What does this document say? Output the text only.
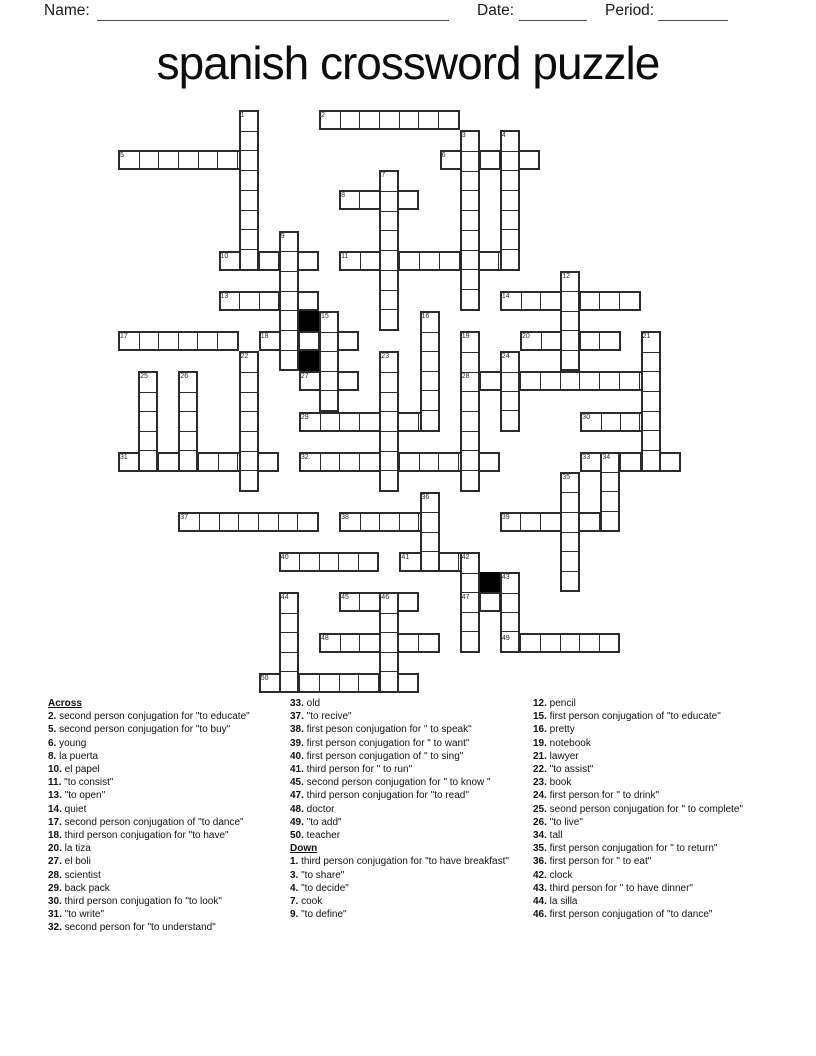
Name:	Date:	Period:
spanish crossword puzzle
2
5	6
8
10	11
13	14
17	18	20
27	28
29	30
31	32	33
37	38	39
40	41
45	47
48	49
50
1
3	4
7
9
12
15	16
19	21
22	23	24
25	26
34
35
36
42
43
44	46
Across
2. second person conjugation for "to educate"
5. second person conjugation for "to buy"
6. young
8. la puerta
10. el papel
11. "to consist"
13. "to open"
14. quiet
17. second person conjugation of "to dance"
18. third person conjugation for "to have"
20. la tiza
27. el boli
28. scientist
29. back pack
30. third person conjugation fo "to look"
31. "to write"
32. second person for "to understand"
33. old
37. "to recive"
38. first peson conjugation for " to speak"
39. first person conjugation for " to want"
40. first person conjugation of " to sing"
41. third person for " to run"
45. second person conjugation for " to know "
47. third person conjugation for "to read"
48. doctor
49. "to add"
50. teacher
Down
1. third person conjugation for "to have breakfast"
3. "to share"
4. "to decide"
7. cook
9. "to define"
12. pencil
15. first person conjugation of "to educate"
16. pretty
19. notebook
21. lawyer
22. "to assist"
23. book
24. first person for " to drink"
25. seond person conjugation for " to complete"
26. "to live"
34. tall
35. first person conjugation for " to return"
36. first person for " to eat"
42. clock
43. third person for " to have dinner"
44. la silla
46. first person conjugation of "to dance"
